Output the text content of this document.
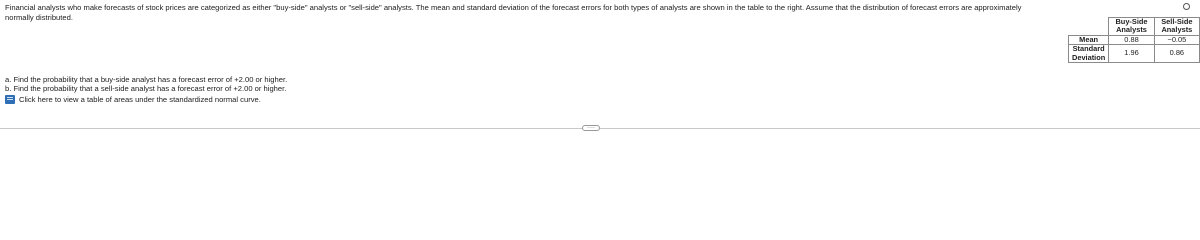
Financial analysts who make forecasts of stock prices are categorized as either "buy-side" analysts or "sell-side" analysts. The mean and standard deviation of the forecast errors for both types of analysts are shown in the table to the right. Assume that the distribution of forecast errors are approximately normally distributed.

		Buy-Side Analysts	Sell-Side Analysts
Mean	0.88	−0.05
Standard Deviation	1.96	0.86

a. Find the probability that a buy-side analyst has a forecast error of +2.00 or higher.

b. Find the probability that a sell-side analyst has a forecast error of +2.00 or higher.

Click here to view a table of areas under the standardized normal curve.
····
